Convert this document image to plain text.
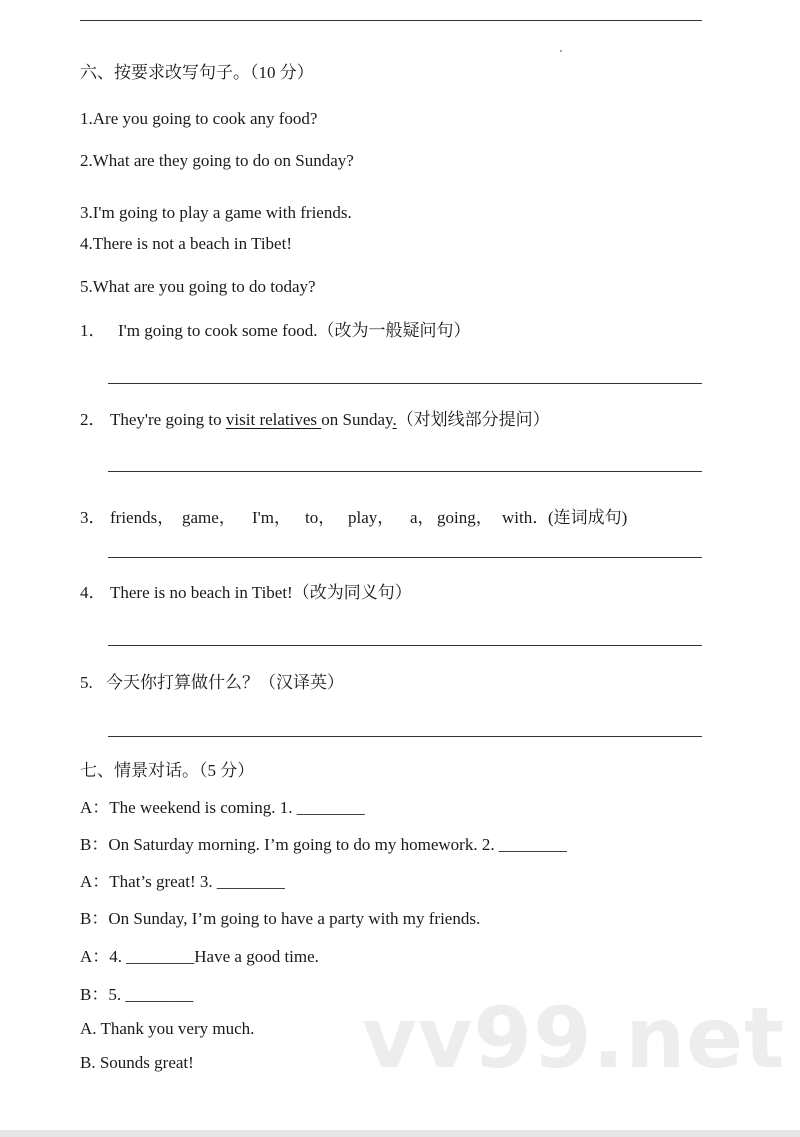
六、按要求改写句子。（10 分）
1.Are you going to cook any food?
2.What are they going to do on Sunday?
3.I'm going to play a game with friends.
4.There is not a beach in Tibet!
5.What are you going to do today?
1． I'm going to cook some food.（改为一般疑问句）
2． They're going to visit relatives on Sunday.（对划线部分提问）
3． friends， game， I'm， to， play， a， going， with．
(连词成句)
4． There is no beach in Tibet!（改为同义句）
5. 今天你打算做什么？（汉译英）
七、情景对话。（5 分）
A：The weekend is coming. 1. ________
B：On Saturday morning. I’m going to do my homework. 2. ________
A：That’s great! 3. ________
B：On Sunday, I’m going to have a party with my friends.
A：4. ________Have a good time.
B：5. ________
A. Thank you very much.
B. Sounds great! vv99.net
